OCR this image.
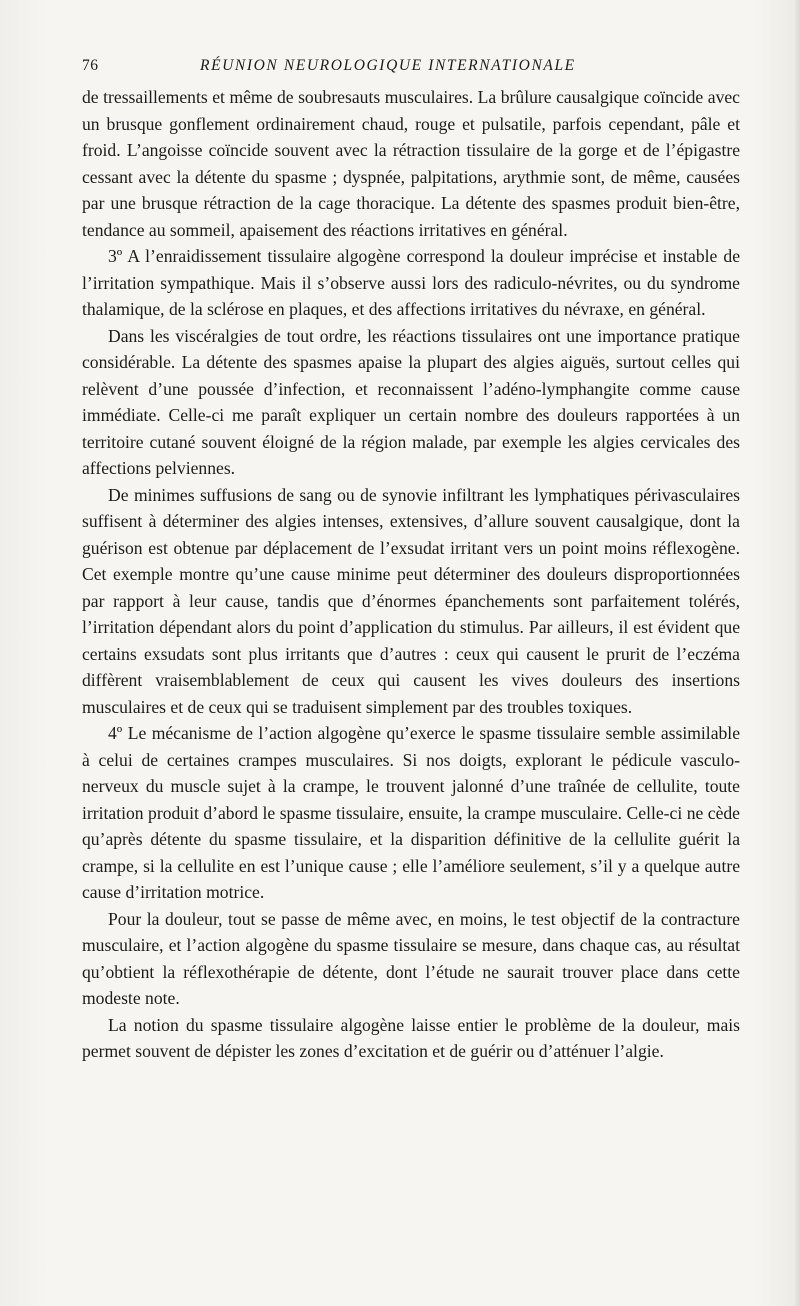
76	RÉUNION NEUROLOGIQUE INTERNATIONALE

de tressaillements et même de soubresauts musculaires. La brûlure causalgique coïncide avec un brusque gonflement ordinairement chaud, rouge et pulsatile, parfois cependant, pâle et froid. L’angoisse coïncide souvent avec la rétraction tissulaire de la gorge et de l’épigastre cessant avec la détente du spasme ; dyspnée, palpitations, arythmie sont, de même, causées par une brusque rétraction de la cage thoracique. La détente des spasmes produit bien-être, tendance au sommeil, apaisement des réactions irritatives en général.

3º A l’enraidissement tissulaire algogène correspond la douleur imprécise et instable de l’irritation sympathique. Mais il s’observe aussi lors des radiculo-névrites, ou du syndrome thalamique, de la sclérose en plaques, et des affections irritatives du névraxe, en général.

Dans les viscéralgies de tout ordre, les réactions tissulaires ont une importance pratique considérable. La détente des spasmes apaise la plupart des algies aiguës, surtout celles qui relèvent d’une poussée d’infection, et reconnaissent l’adéno-lymphangite comme cause immédiate. Celle-ci me paraît expliquer un certain nombre des douleurs rapportées à un territoire cutané souvent éloigné de la région malade, par exemple les algies cervicales des affections pelviennes.

De minimes suffusions de sang ou de synovie infiltrant les lymphatiques périvasculaires suffisent à déterminer des algies intenses, extensives, d’allure souvent causalgique, dont la guérison est obtenue par déplacement de l’exsudat irritant vers un point moins réflexogène. Cet exemple montre qu’une cause minime peut déterminer des douleurs disproportionnées par rapport à leur cause, tandis que d’énormes épanchements sont parfaitement tolérés, l’irritation dépendant alors du point d’application du stimulus. Par ailleurs, il est évident que certains exsudats sont plus irritants que d’autres : ceux qui causent le prurit de l’eczéma diffèrent vraisemblablement de ceux qui causent les vives douleurs des insertions musculaires et de ceux qui se traduisent simplement par des troubles toxiques.

4º Le mécanisme de l’action algogène qu’exerce le spasme tissulaire semble assimilable à celui de certaines crampes musculaires. Si nos doigts, explorant le pédicule vasculo-nerveux du muscle sujet à la crampe, le trouvent jalonné d’une traînée de cellulite, toute irritation produit d’abord le spasme tissulaire, ensuite, la crampe musculaire. Celle-ci ne cède qu’après détente du spasme tissulaire, et la disparition définitive de la cellulite guérit la crampe, si la cellulite en est l’unique cause ; elle l’améliore seulement, s’il y a quelque autre cause d’irritation motrice.

Pour la douleur, tout se passe de même avec, en moins, le test objectif de la contracture musculaire, et l’action algogène du spasme tissulaire se mesure, dans chaque cas, au résultat qu’obtient la réflexothérapie de détente, dont l’étude ne saurait trouver place dans cette modeste note.

La notion du spasme tissulaire algogène laisse entier le problème de la douleur, mais permet souvent de dépister les zones d’excitation et de guérir ou d’atténuer l’algie.
